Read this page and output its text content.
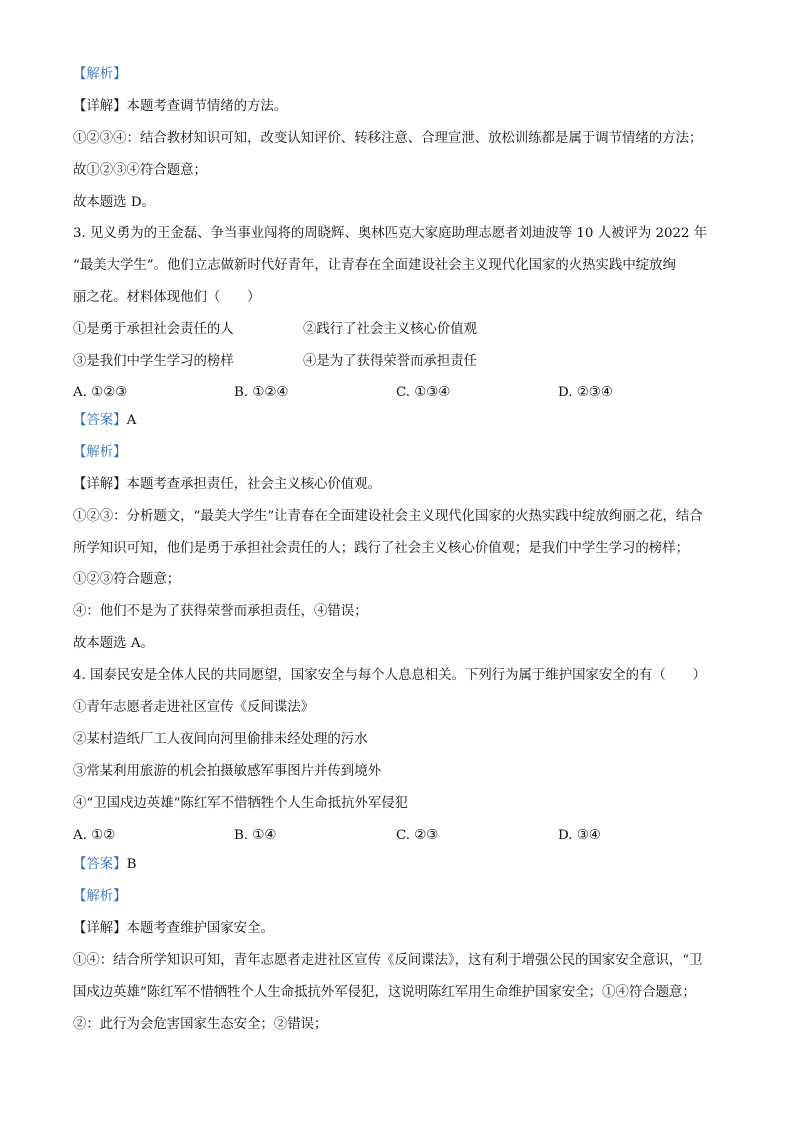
【解析】
【详解】本题考查调节情绪的方法。
①②③④：结合教材知识可知，改变认知评价、转移注意、合理宣泄、放松训练都是属于调节情绪的方法；
故①②③④符合题意；
故本题选 D。
3. 见义勇为的王金磊、争当事业闯将的周晓辉、奥林匹克大家庭助理志愿者刘迪波等 10 人被评为 2022 年
“最美大学生”。他们立志做新时代好青年，让青春在全面建设社会主义现代化国家的火热实践中绽放绚
丽之花。材料体现他们（　　）
①是勇于承担社会责任的人	②践行了社会主义核心价值观
③是我们中学生学习的榜样	④是为了获得荣誉而承担责任
A. ①②③	B. ①②④	C. ①③④	D. ②③④
【答案】A
【解析】
【详解】本题考查承担责任，社会主义核心价值观。
①②③：分析题文，“最美大学生”让青春在全面建设社会主义现代化国家的火热实践中绽放绚丽之花，结合
所学知识可知，他们是勇于承担社会责任的人；践行了社会主义核心价值观；是我们中学生学习的榜样；
①②③符合题意；
④：他们不是为了获得荣誉而承担责任，④错误；
故本题选 A。
4. 国泰民安是全体人民的共同愿望，国家安全与每个人息息相关。下列行为属于维护国家安全的有（　　）
①青年志愿者走进社区宣传《反间谍法》
②某村造纸厂工人夜间向河里偷排未经处理的污水
③常某利用旅游的机会拍摄敏感军事图片并传到境外
④“卫国戍边英雄”陈红军不惜牺牲个人生命抵抗外军侵犯
A. ①②	B. ①④	C. ②③	D. ③④
【答案】B
【解析】
【详解】本题考查维护国家安全。
①④：结合所学知识可知，青年志愿者走进社区宣传《反间谍法》，这有利于增强公民的国家安全意识，“卫
国戍边英雄”陈红军不惜牺牲个人生命抵抗外军侵犯，这说明陈红军用生命维护国家安全；①④符合题意；
②：此行为会危害国家生态安全；②错误；
